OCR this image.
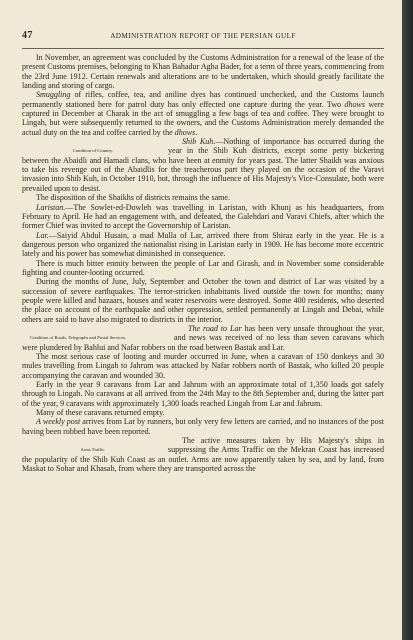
47	ADMINISTRATION REPORT OF THE PERSIAN GULF

In November, an agreement was concluded by the Customs Administration for a renewal of the lease of the present Customs premises, belonging to Khan Bahadur Agha Bader, for a term of three years, commencing from the 23rd June 1912. Certain renewals and alterations are to be undertaken, which should greatly facilitate the landing and storing of cargo.

Smuggling of rifles, coffee, tea, and aniline dyes has continued unchecked, and the Customs launch permanently stationed here for patrol duty has only effected one capture during the year. Two dhows were captured in December at Charak in the act of smuggling a few bags of tea and coffee. They were brought to Lingah, but were subsequently returned to the owners, and the Customs Administration merely demanded the actual duty on the tea and coffee carried by the dhows.

Condition of Country.
Shib Kuh.—Nothing of importance has occurred during the year in the Shib Kuh districts, except some petty bickering between the Abaidli and Hamadi clans, who have been at enmity for years past. The latter Shaikh was anxious to take his revenge out of the Abaidlis for the treacherous part they played on the occasion of the Varavi invasion into Shib Kuh, in October 1910, but, through the influence of His Majesty's Vice-Consulate, both were prevailed upon to desist.

The disposition of the Shaikhs of districts remains the same.

Laristan.—The Sowlet-ed-Dowleh was travelling in Laristan, with Khunj as his headquarters, from February to April. He had an engagement with, and defeated, the Galehdari and Varavi Chiefs, after which the former Chief was invited to accept the Governorship of Laristan.

Lar.—Saiyid Abdul Husain, a mad Mulla of Lar, arrived there from Shiraz early in the year. He is a dangerous person who organized the nationalist rising in Laristan early in 1909. He has become more eccentric lately and his power has somewhat diminished in consequence.

There is much bitter enmity between the people of Lar and Girash, and in November some considerable fighting and counter-looting occurred.

During the months of June, July, September and October the town and district of Lar was visited by a succession of severe earthquakes. The terror-stricken inhabitants lived outside the town for months; many people were killed and bazaars, houses and water reservoirs were destroyed. Some 400 residents, who deserted the place on account of the earthquake and other oppression, settled permanently at Lingah and Debai, while others are said to have also migrated to districts in the interior.

Condition of Roads, Telegraphs and Postal Services.
The road to Lar has been very unsafe throughout the year, and news was received of no less than seven caravans which were plundered by Bahlui and Nafar robbers on the road between Bastak and Lar.

The most serious case of looting and murder occurred in June, when a caravan of 150 donkeys and 30 mules travelling from Lingah to Jahrum was attacked by Nafar robbers north of Bastak, who killed 20 people accompanying the caravan and wounded 30.

Early in the year 9 caravans from Lar and Jahrum with an approximate total of 1,350 loads got safely through to Lingah. No caravans at all arrived from the 24th May to the 8th September and, during the latter part of the year, 9 caravans with approximately 1,300 loads reached Lingah from Lar and Jahrum.

Many of these caravans returned empty.

A weekly post arrives from Lar by runners, but only very few letters are carried, and no instances of the post having been robbed have been reported.

Arms Traffic.
The active measures taken by His Majesty's ships in suppressing the Arms Traffic on the Mekran Coast has increased the popularity of the Shib Kuh Coast as an outlet. Arms are now apparently taken by sea, and by land, from Maskat to Sohar and Khasab, from where they are transported across the
